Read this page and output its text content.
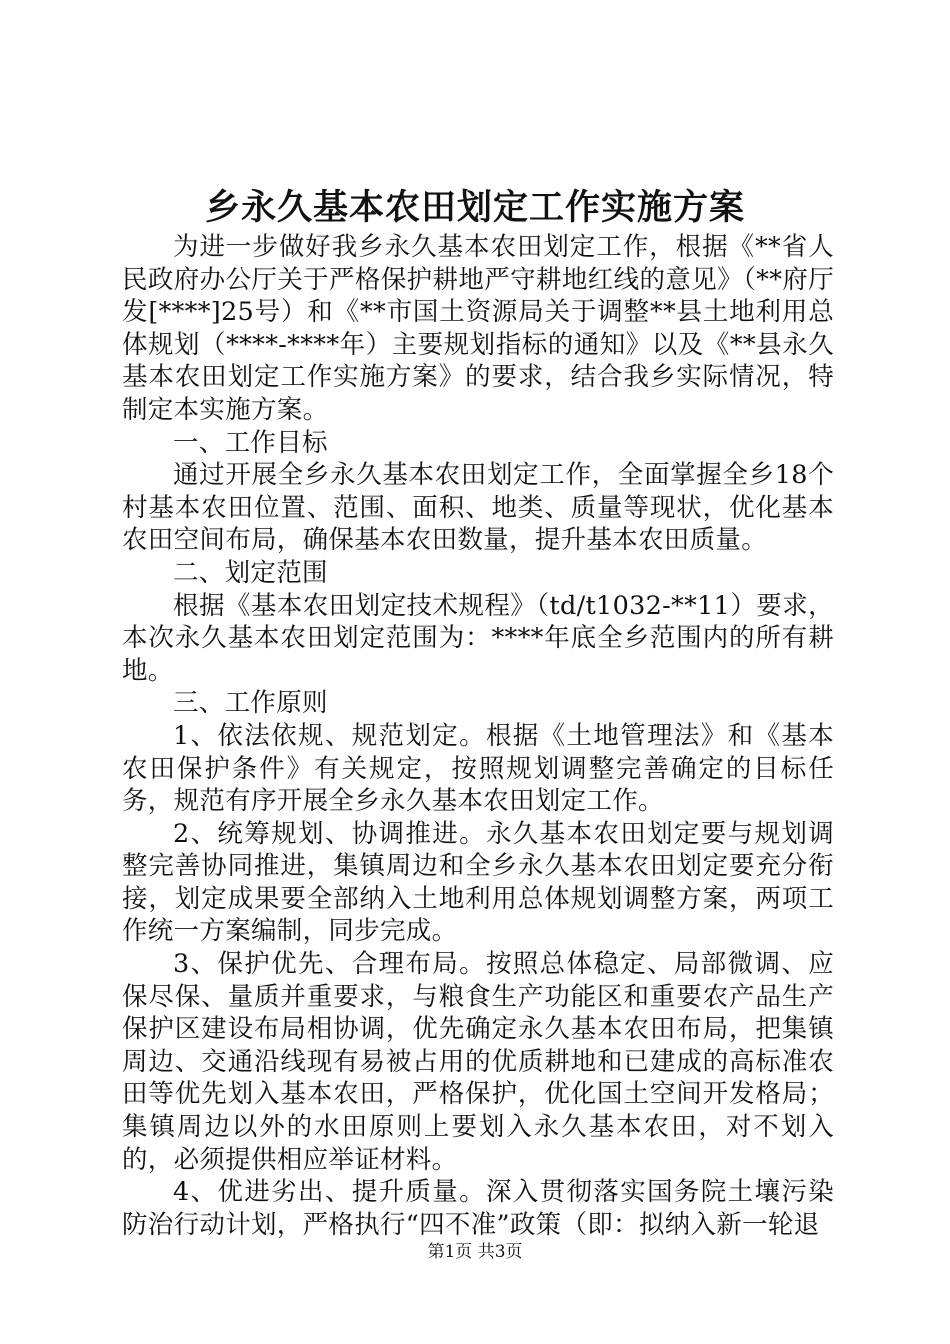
乡永久基本农田划定工作实施方案

为进一步做好我乡永久基本农田划定工作，根据《**省人民政府办公厅关于严格保护耕地严守耕地红线的意见》（**府厅发[****]25号）和《**市国土资源局关于调整**县土地利用总体规划（****-****年）主要规划指标的通知》以及《**县永久基本农田划定工作实施方案》的要求，结合我乡实际情况，特制定本实施方案。

一、工作目标

通过开展全乡永久基本农田划定工作，全面掌握全乡18个村基本农田位置、范围、面积、地类、质量等现状，优化基本农田空间布局，确保基本农田数量，提升基本农田质量。

二、划定范围

根据《基本农田划定技术规程》（td/t1032-**11）要求，本次永久基本农田划定范围为：****年底全乡范围内的所有耕地。

三、工作原则

1、依法依规、规范划定。根据《土地管理法》和《基本农田保护条件》有关规定，按照规划调整完善确定的目标任务，规范有序开展全乡永久基本农田划定工作。

2、统筹规划、协调推进。永久基本农田划定要与规划调整完善协同推进，集镇周边和全乡永久基本农田划定要充分衔接，划定成果要全部纳入土地利用总体规划调整方案，两项工作统一方案编制，同步完成。

3、保护优先、合理布局。按照总体稳定、局部微调、应保尽保、量质并重要求，与粮食生产功能区和重要农产品生产保护区建设布局相协调，优先确定永久基本农田布局，把集镇周边、交通沿线现有易被占用的优质耕地和已建成的高标准农田等优先划入基本农田，严格保护，优化国土空间开发格局；集镇周边以外的水田原则上要划入永久基本农田，对不划入的，必须提供相应举证材料。

4、优进劣出、提升质量。深入贯彻落实国务院土壤污染防治行动计划，严格执行“四不准”政策（即：拟纳入新一轮退

第1页 共3页
